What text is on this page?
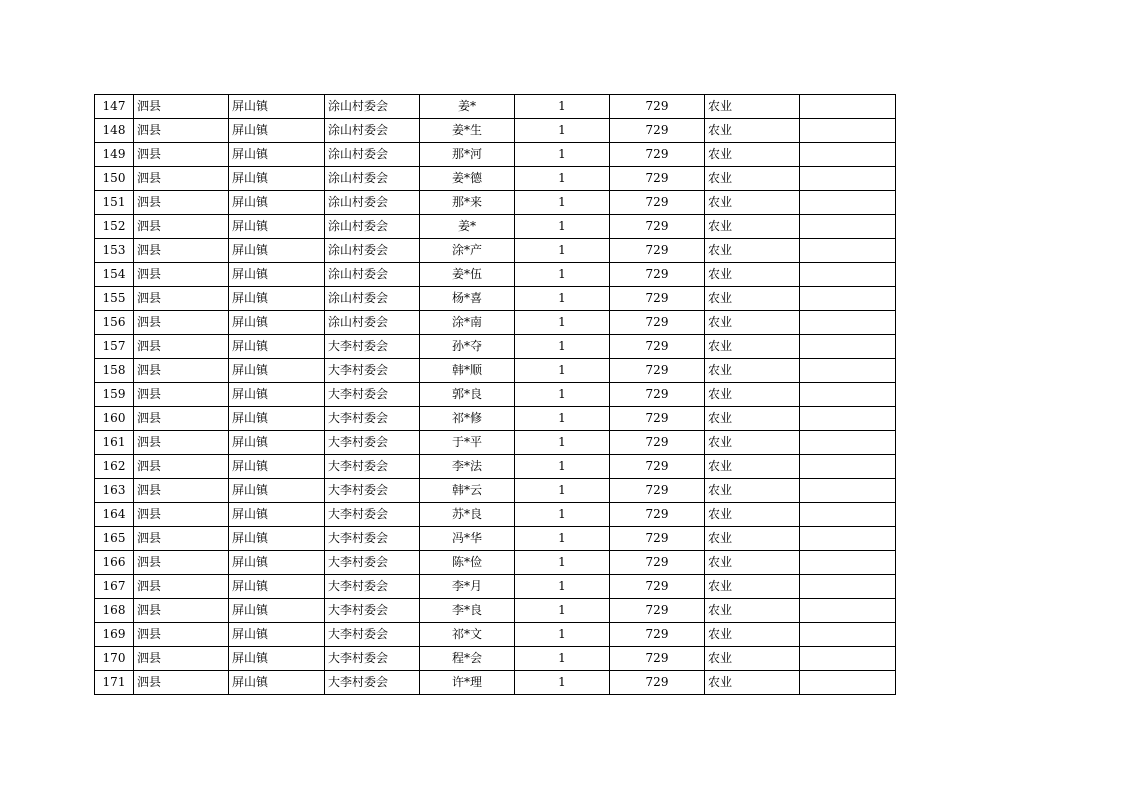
147	泗县	屏山镇	涂山村委会	姜*	1	729	农业	
148	泗县	屏山镇	涂山村委会	姜*生	1	729	农业	
149	泗县	屏山镇	涂山村委会	那*河	1	729	农业	
150	泗县	屏山镇	涂山村委会	姜*德	1	729	农业	
151	泗县	屏山镇	涂山村委会	那*来	1	729	农业	
152	泗县	屏山镇	涂山村委会	姜*	1	729	农业	
153	泗县	屏山镇	涂山村委会	涂*产	1	729	农业	
154	泗县	屏山镇	涂山村委会	姜*伍	1	729	农业	
155	泗县	屏山镇	涂山村委会	杨*喜	1	729	农业	
156	泗县	屏山镇	涂山村委会	涂*南	1	729	农业	
157	泗县	屏山镇	大李村委会	孙*夺	1	729	农业	
158	泗县	屏山镇	大李村委会	韩*顺	1	729	农业	
159	泗县	屏山镇	大李村委会	郭*良	1	729	农业	
160	泗县	屏山镇	大李村委会	祁*修	1	729	农业	
161	泗县	屏山镇	大李村委会	于*平	1	729	农业	
162	泗县	屏山镇	大李村委会	李*法	1	729	农业	
163	泗县	屏山镇	大李村委会	韩*云	1	729	农业	
164	泗县	屏山镇	大李村委会	苏*良	1	729	农业	
165	泗县	屏山镇	大李村委会	冯*华	1	729	农业	
166	泗县	屏山镇	大李村委会	陈*俭	1	729	农业	
167	泗县	屏山镇	大李村委会	李*月	1	729	农业	
168	泗县	屏山镇	大李村委会	李*良	1	729	农业	
169	泗县	屏山镇	大李村委会	祁*文	1	729	农业	
170	泗县	屏山镇	大李村委会	程*会	1	729	农业	
171	泗县	屏山镇	大李村委会	许*理	1	729	农业	
